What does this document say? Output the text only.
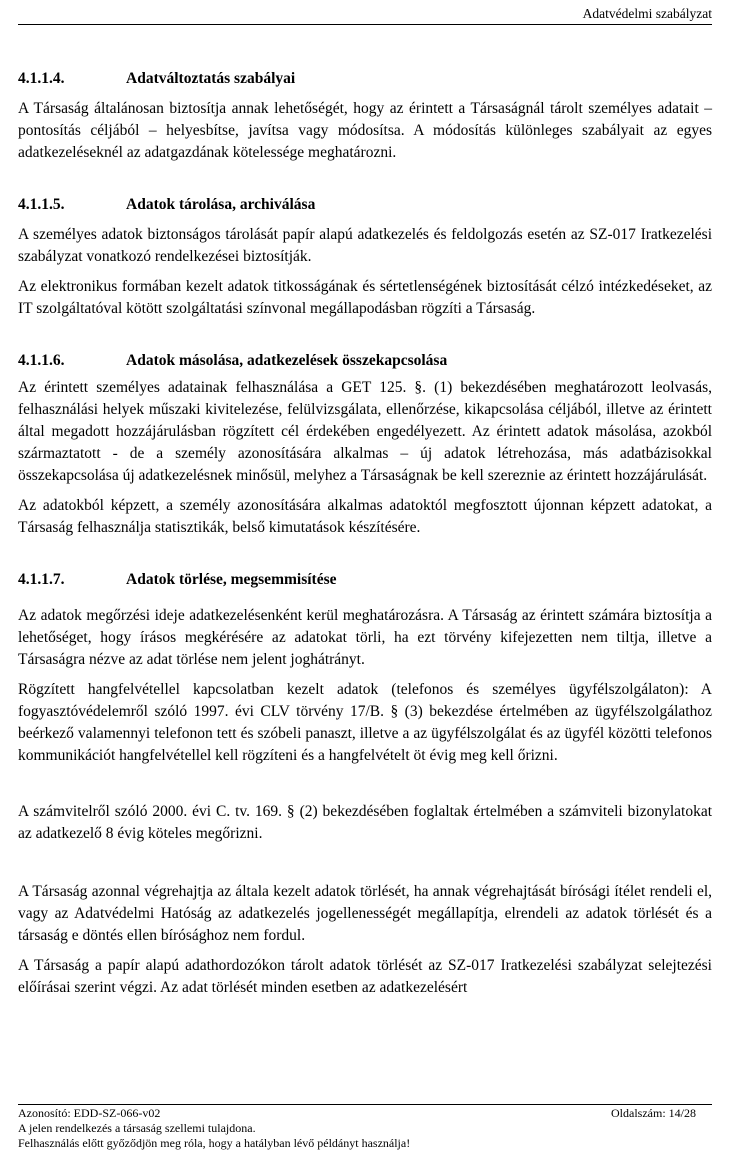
Adatvédelmi szabályzat
4.1.1.4.	Adatváltoztatás szabályai

A Társaság általánosan biztosítja annak lehetőségét, hogy az érintett a Társaságnál tárolt személyes adatait – pontosítás céljából – helyesbítse, javítsa vagy módosítsa. A módosítás különleges szabályait az egyes adatkezeléseknél az adatgazdának kötelessége meghatározni.

4.1.1.5.	Adatok tárolása, archiválása

A személyes adatok biztonságos tárolását papír alapú adatkezelés és feldolgozás esetén az SZ-017 Iratkezelési szabályzat vonatkozó rendelkezései biztosítják.

Az elektronikus formában kezelt adatok titkosságának és sértetlenségének biztosítását célzó intézkedéseket, az IT szolgáltatóval kötött szolgáltatási színvonal megállapodásban rögzíti a Társaság.

4.1.1.6.	Adatok másolása, adatkezelések összekapcsolása

Az érintett személyes adatainak felhasználása a GET 125. §. (1) bekezdésében meghatározott leolvasás, felhasználási helyek műszaki kivitelezése, felülvizsgálata, ellenőrzése, kikapcsolása céljából, illetve az érintett által megadott hozzájárulásban rögzített cél érdekében engedélyezett. Az érintett adatok másolása, azokból származtatott - de a személy azonosítására alkalmas – új adatok létrehozása, más adatbázisokkal összekapcsolása új adatkezelésnek minősül, melyhez a Társaságnak be kell szereznie az érintett hozzájárulását.

Az adatokból képzett, a személy azonosítására alkalmas adatoktól megfosztott újonnan képzett adatokat, a Társaság felhasználja statisztikák, belső kimutatások készítésére.

4.1.1.7.	Adatok törlése, megsemmisítése

Az adatok megőrzési ideje adatkezelésenként kerül meghatározásra. A Társaság az érintett számára biztosítja a lehetőséget, hogy írásos megkérésére az adatokat törli, ha ezt törvény kifejezetten nem tiltja, illetve a Társaságra nézve az adat törlése nem jelent joghátrányt.

Rögzített hangfelvétellel kapcsolatban kezelt adatok (telefonos és személyes ügyfélszolgálaton): A fogyasztóvédelemről szóló 1997. évi CLV törvény 17/B. § (3) bekezdése értelmében az ügyfélszolgálathoz beérkező valamennyi telefonon tett és szóbeli panaszt, illetve a az ügyfélszolgálat és az ügyfél közötti telefonos kommunikációt hangfelvétellel kell rögzíteni és a hangfelvételt öt évig meg kell őrizni.

A számvitelről szóló 2000. évi C. tv. 169. § (2) bekezdésében foglaltak értelmében a számviteli bizonylatokat az adatkezelő 8 évig köteles megőrizni.

A Társaság azonnal végrehajtja az általa kezelt adatok törlését, ha annak végrehajtását bírósági ítélet rendeli el, vagy az Adatvédelmi Hatóság az adatkezelés jogellenességét megállapítja, elrendeli az adatok törlését és a társaság e döntés ellen bírósághoz nem fordul.

A Társaság a papír alapú adathordozókon tárolt adatok törlését az SZ-017 Iratkezelési szabályzat selejtezési előírásai szerint végzi. Az adat törlését minden esetben az adatkezelésért

Azonosító: EDD-SZ-066-v02	Oldalszám: 14/28
A jelen rendelkezés a társaság szellemi tulajdona.
Felhasználás előtt győződjön meg róla, hogy a hatályban lévő példányt használja!
